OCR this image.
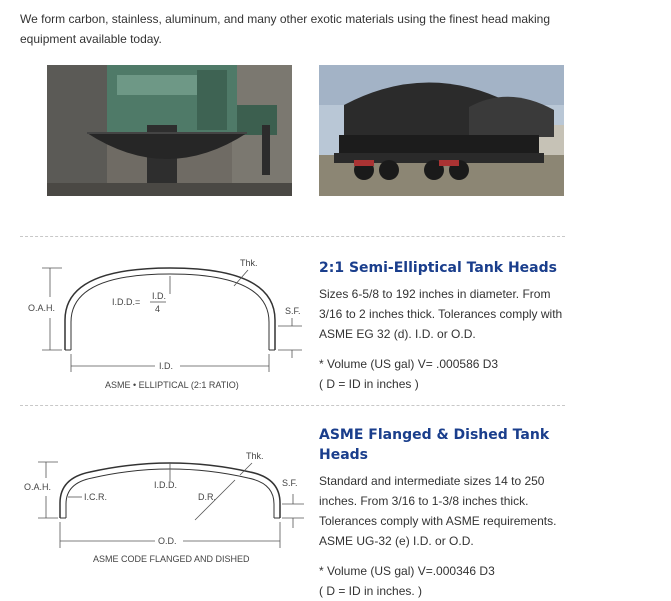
We form carbon, stainless, aluminum, and many other exotic materials using the finest head making equipment available today.
O.A.H.
Thk.
I.D.D.=
I.D.
4	S.F.
I.D.
ASME • ELLIPTICAL (2:1 RATIO)
2:1 Semi-Elliptical Tank Heads

Sizes 6-5/8 to 192 inches in diameter. From 3/16 to 2 inches thick. Tolerances comply with ASME EG 32 (d). I.D. or O.D.

* Volume (US gal) V= .000586 D3

( D = ID in inches )

O.A.H.
Thk.
I.D.D.
I.C.R.	D.R.
S.F.
O.D.
ASME CODE FLANGED AND DISHED
ASME Flanged & Dished Tank Heads

Standard and intermediate sizes 14 to 250 inches. From 3/16 to 1-3/8 inches thick. Tolerances comply with ASME requirements. ASME UG-32 (e) I.D. or O.D.

* Volume (US gal) V=.000346 D3

( D = ID in inches. )
